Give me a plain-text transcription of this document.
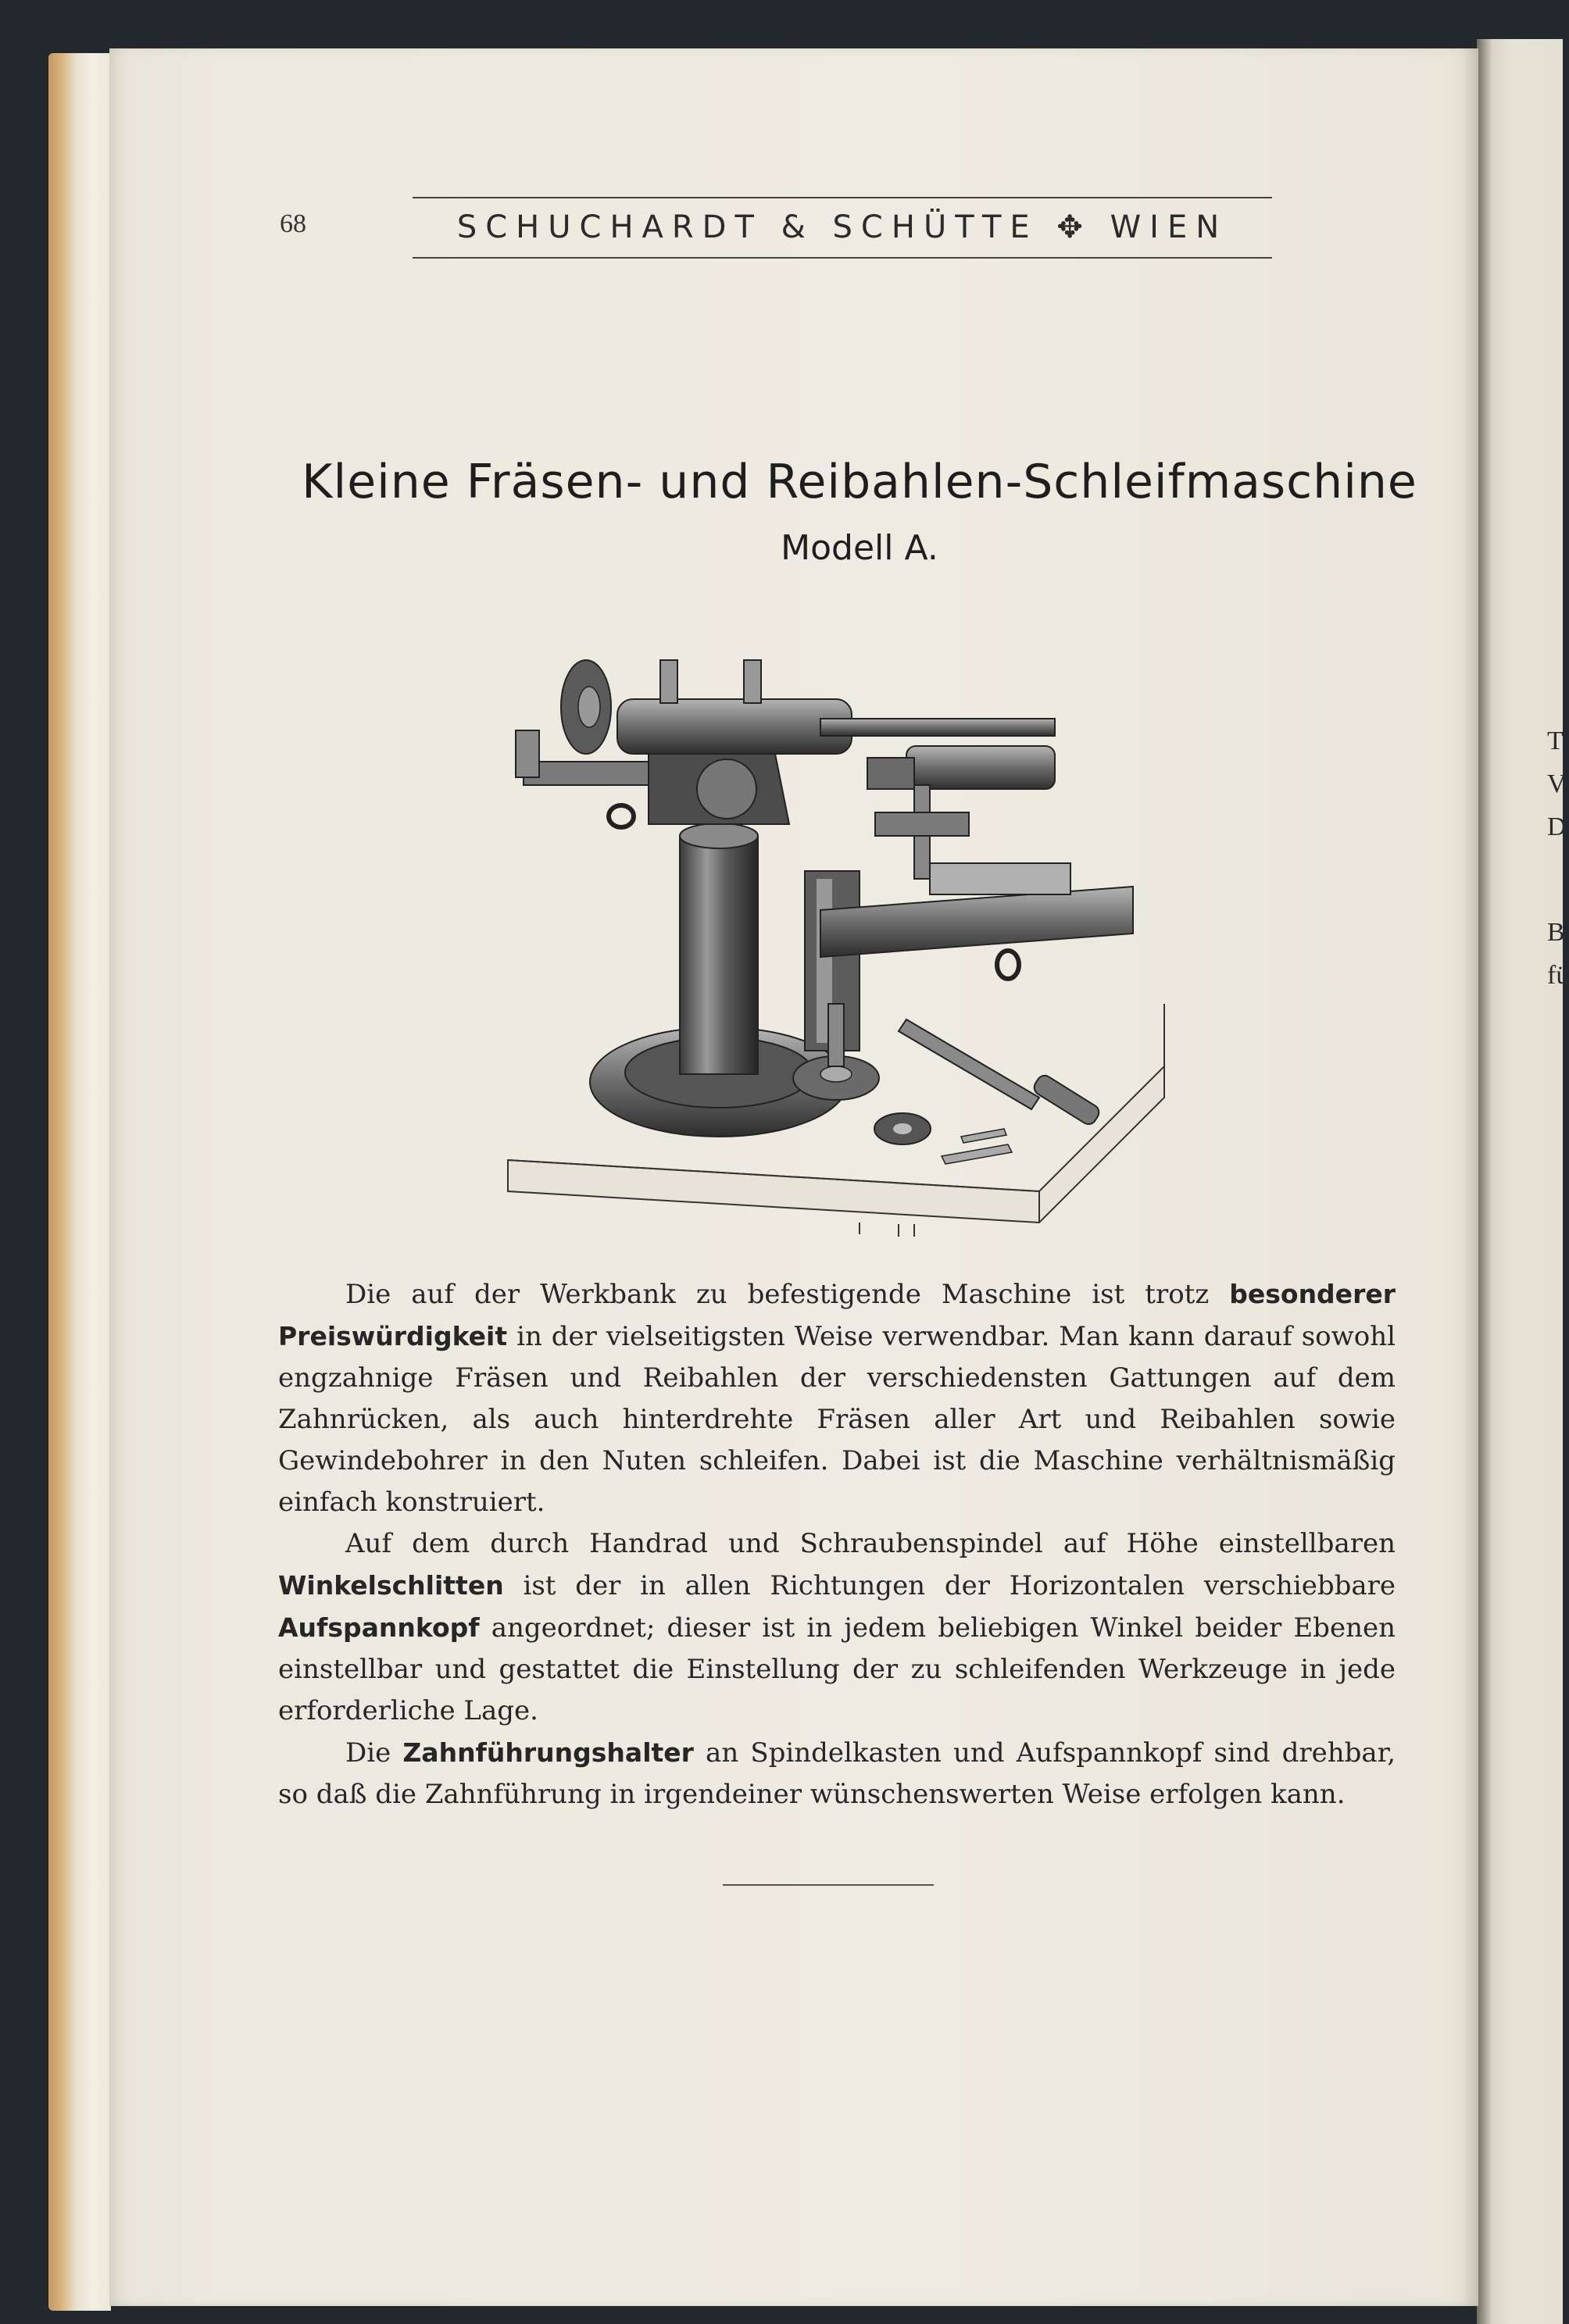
T
V
D
B
fü
68	SCHUCHARDT & SCHÜTTE ✥ WIEN
Kleine Fräsen- und Reibahlen-Schleifmaschine
Modell A.

Die auf der Werkbank zu befestigende Maschine ist trotz besonderer Preiswürdigkeit in der vielseitigsten Weise verwendbar. Man kann darauf sowohl engzahnige Fräsen und Reibahlen der verschiedensten Gattungen auf dem Zahnrücken, als auch hinterdrehte Fräsen aller Art und Reibahlen sowie Gewindebohrer in den Nuten schleifen. Dabei ist die Maschine verhältnismäßig einfach konstruiert.

Auf dem durch Handrad und Schraubenspindel auf Höhe einstellbaren Winkelschlitten ist der in allen Richtungen der Horizontalen verschiebbare Aufspannkopf angeordnet; dieser ist in jedem beliebigen Winkel beider Ebenen einstellbar und gestattet die Einstellung der zu schleifenden Werkzeuge in jede erforderliche Lage.

Die Zahnführungshalter an Spindelkasten und Aufspannkopf sind drehbar, so daß die Zahnführung in irgendeiner wünschenswerten Weise erfolgen kann.
